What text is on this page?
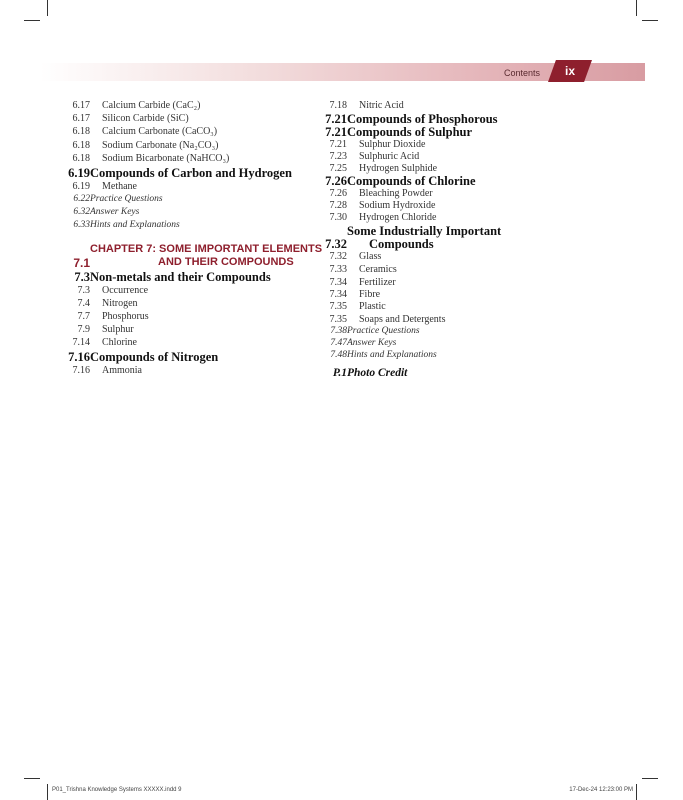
Contents	ix
Calcium Carbide (CaC₂)
6.17
Silicon Carbide (SiC)
6.17
Calcium Carbonate (CaCO₃)
6.18
Sodium Carbonate (Na₂CO₃)
6.18
Sodium Bicarbonate (NaHCO₃)
6.18
Compounds of Carbon and Hydrogen
6.19
Methane
6.19
Practice Questions
6.22
Answer Keys
6.32
Hints and Explanations
6.33
CHAPTER 7: SOME IMPORTANT ELEMENTS
AND THEIR COMPOUNDS
7.1
Non-metals and their Compounds
7.3
Occurrence
7.3
Nitrogen
7.4
Phosphorus
7.7
Sulphur
7.9
Chlorine
7.14
Compounds of Nitrogen
7.16
Ammonia
7.16
Nitric Acid
7.18
Compounds of Phosphorous
7.21
Compounds of Sulphur
7.21
Sulphur Dioxide
7.21
Sulphuric Acid
7.23
Hydrogen Sulphide
7.25
Compounds of Chlorine
7.26
Bleaching Powder
7.26
Sodium Hydroxide
7.28
Hydrogen Chloride
7.30
Some Industrially Important
Compounds
7.32
Glass
7.32
Ceramics
7.33
Fertilizer
7.34
Fibre
7.34
Plastic
7.35
Soaps and Detergents
7.35
Practice Questions
7.38
Answer Keys
7.47
Hints and Explanations
7.48
Photo Credit
P.1
P01_Trishna Knowledge Systems XXXXX.indd 9	17-Dec-24 12:23:00 PM
